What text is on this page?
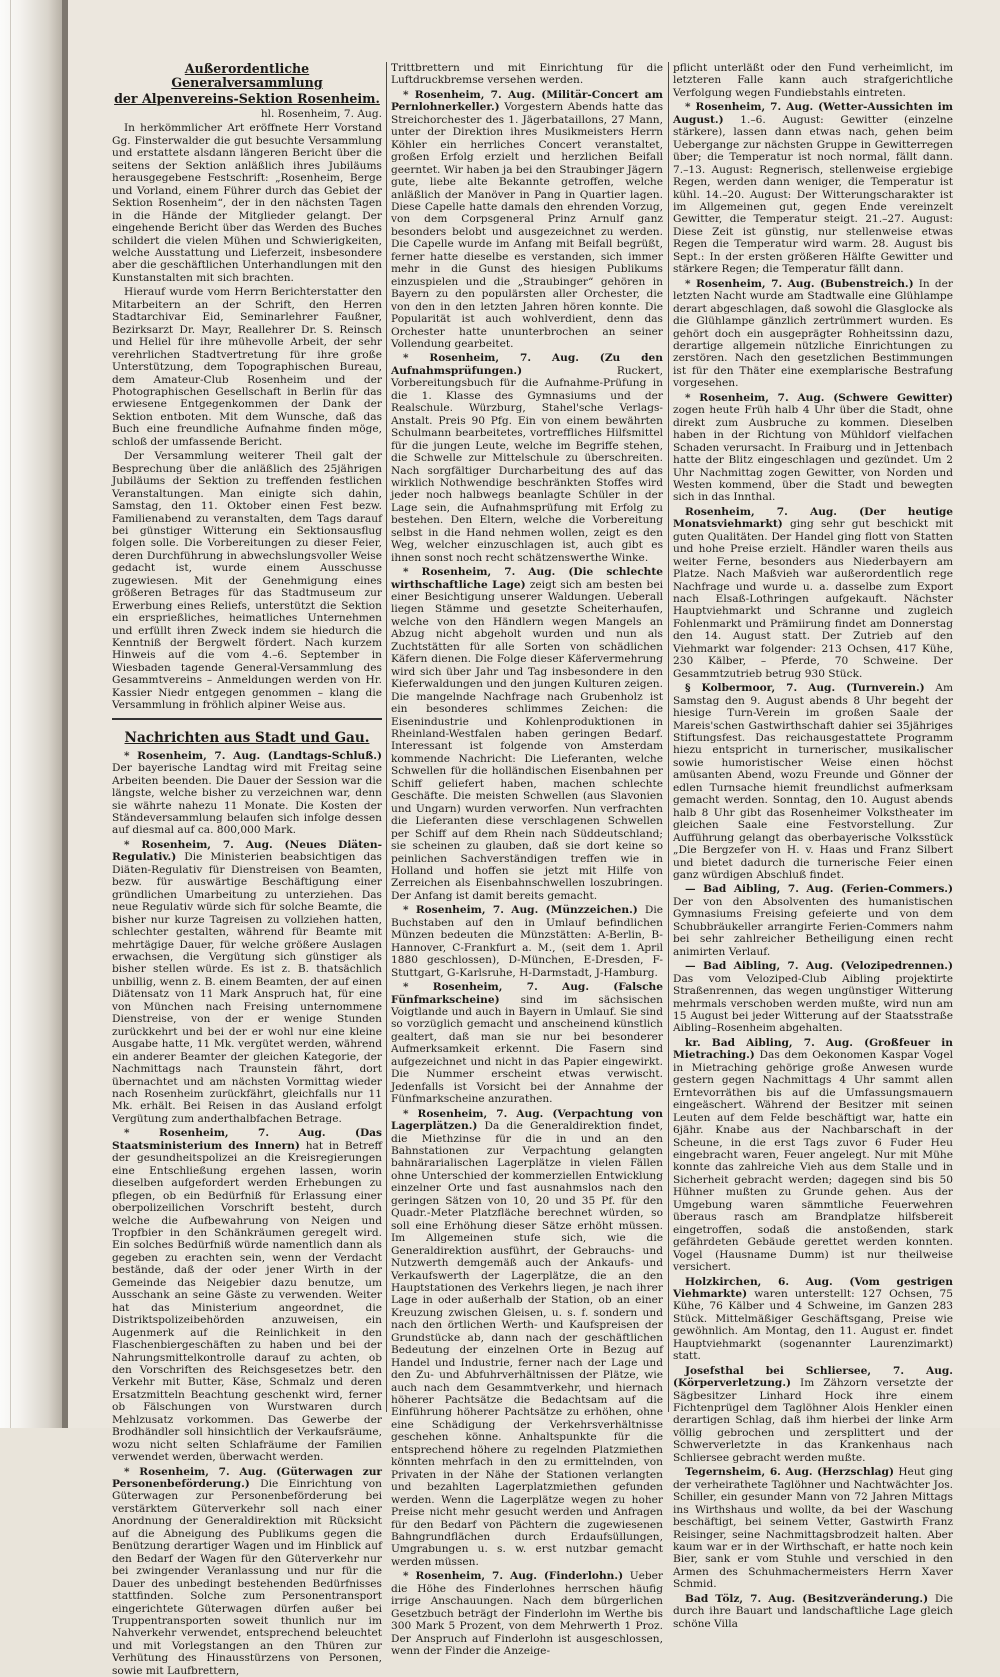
Außerordentliche Generalversammlung
der Alpenvereins-Sektion Rosenheim.
hl. Rosenheim, 7. Aug.

In herkömmlicher Art eröffnete Herr Vorstand Gg. Finsterwalder die gut besuchte Versammlung und erstattete alsdann längeren Bericht über die seitens der Sektion anläßlich ihres Jubiläums herausgegebene Festschrift: „Rosenheim, Berge und Vorland, einem Führer durch das Gebiet der Sektion Rosenheim“, der in den nächsten Tagen in die Hände der Mitglieder gelangt. Der eingehende Bericht über das Werden des Buches schildert die vielen Mühen und Schwierigkeiten, welche Ausstattung und Lieferzeit, insbesondere aber die geschäftlichen Unterhandlungen mit den Kunstanstalten mit sich brachten.

Hierauf wurde vom Herrn Berichterstatter den Mitarbeitern an der Schrift, den Herren Stadtarchivar Eid, Seminarlehrer Faußner, Bezirksarzt Dr. Mayr, Reallehrer Dr. S. Reinsch und Heliel für ihre mühevolle Arbeit, der sehr verehrlichen Stadtvertretung für ihre große Unterstützung, dem Topographischen Bureau, dem Amateur-Club Rosenheim und der Photographischen Gesellschaft in Berlin für das erwiesene Entgegenkommen der Dank der Sektion entboten. Mit dem Wunsche, daß das Buch eine freundliche Aufnahme finden möge, schloß der umfassende Bericht.

Der Versammlung weiterer Theil galt der Besprechung über die anläßlich des 25jährigen Jubiläums der Sektion zu treffenden festlichen Veranstaltungen. Man einigte sich dahin, Samstag, den 11. Oktober einen Fest bezw. Familienabend zu veranstalten, dem Tags darauf bei günstiger Witterung ein Sektionsausflug folgen solle. Die Vorbereitungen zu dieser Feier, deren Durchführung in abwechslungsvoller Weise gedacht ist, wurde einem Ausschusse zugewiesen. Mit der Genehmigung eines größeren Betrages für das Stadtmuseum zur Erwerbung eines Reliefs, unterstützt die Sektion ein ersprießliches, heimatliches Unternehmen und erfüllt ihren Zweck indem sie hiedurch die Kenntniß der Bergwelt fördert. Nach kurzem Hinweis auf die vom 4.–6. September in Wiesbaden tagende General-Versammlung des Gesammtvereins – Anmeldungen werden von Hr. Kassier Niedr entgegen genommen – klang die Versammlung in fröhlich alpiner Weise aus.

Nachrichten aus Stadt und Gau.

* Rosenheim, 7. Aug. (Landtags-Schluß.) Der bayerische Landtag wird mit Freitag seine Arbeiten beenden. Die Dauer der Session war die längste, welche bisher zu verzeichnen war, denn sie währte nahezu 11 Monate. Die Kosten der Ständeversammlung belaufen sich infolge dessen auf diesmal auf ca. 800,000 Mark.

* Rosenheim, 7. Aug. (Neues Diäten-Regulativ.) Die Ministerien beabsichtigen das Diäten-Regulativ für Dienstreisen von Beamten, bezw. für auswärtige Beschäftigung einer gründlichen Umarbeitung zu unterziehen. Das neue Regulativ würde sich für solche Beamte, die bisher nur kurze Tagreisen zu vollziehen hatten, schlechter gestalten, während für Beamte mit mehrtägige Dauer, für welche größere Auslagen erwachsen, die Vergütung sich günstiger als bisher stellen würde. Es ist z. B. thatsächlich unbillig, wenn z. B. einem Beamten, der auf einen Diätensatz von 11 Mark Anspruch hat, für eine von München nach Freising unternommene Dienstreise, von der er wenige Stunden zurückkehrt und bei der er wohl nur eine kleine Ausgabe hatte, 11 Mk. vergütet werden, während ein anderer Beamter der gleichen Kategorie, der Nachmittags nach Traunstein fährt, dort übernachtet und am nächsten Vormittag wieder nach Rosenheim zurückfährt, gleichfalls nur 11 Mk. erhält. Bei Reisen in das Ausland erfolgt Vergütung zum anderthalbfachen Betrage.

* Rosenheim, 7. Aug. (Das Staatsministerium des Innern) hat in Betreff der gesundheitspolizei an die Kreisregierungen eine Entschließung ergehen lassen, worin dieselben aufgefordert werden Erhebungen zu pflegen, ob ein Bedürfniß für Erlassung einer oberpolizeilichen Vorschrift besteht, durch welche die Aufbewahrung von Neigen und Tropfbier in den Schänkräumen geregelt wird. Ein solches Bedürfniß würde namentlich dann als gegeben zu erachten sein, wenn der Verdacht bestände, daß der oder jener Wirth in der Gemeinde das Neigebier dazu benutze, um Ausschank an seine Gäste zu verwenden. Weiter hat das Ministerium angeordnet, die Distriktspolizeibehörden anzuweisen, ein Augenmerk auf die Reinlichkeit in den Flaschenbiergeschäften zu haben und bei der Nahrungsmittelkontrolle darauf zu achten, ob den Vorschriften des Reichsgesetzes betr. den Verkehr mit Butter, Käse, Schmalz und deren Ersatzmitteln Beachtung geschenkt wird, ferner ob Fälschungen von Wurstwaren durch Mehlzusatz vorkommen. Das Gewerbe der Brodhändler soll hinsichtlich der Verkaufsräume, wozu nicht selten Schlafräume der Familien verwendet werden, überwacht werden.

* Rosenheim, 7. Aug. (Güterwagen zur Personenbeförderung.) Die Einrichtung von Güterwagen zur Personenbeförderung bei verstärktem Güterverkehr soll nach einer Anordnung der Generaldirektion mit Rücksicht auf die Abneigung des Publikums gegen die Benützung derartiger Wagen und im Hinblick auf den Bedarf der Wagen für den Güterverkehr nur bei zwingender Veranlassung und nur für die Dauer des unbedingt bestehenden Bedürfnisses stattfinden. Solche zum Personentransport eingerichtete Güterwagen dürfen außer bei Truppentransporten soweit thunlich nur im Nahverkehr verwendet, entsprechend beleuchtet und mit Vorlegstangen an den Thüren zur Verhütung des Hinausstürzens von Personen, sowie mit Laufbrettern,

Trittbrettern und mit Einrichtung für die Luftdruckbremse versehen werden.

* Rosenheim, 7. Aug. (Militär-Concert am Pernlohnerkeller.) Vorgestern Abends hatte das Streichorchester des 1. Jägerbataillons, 27 Mann, unter der Direktion ihres Musikmeisters Herrn Köhler ein herrliches Concert veranstaltet, großen Erfolg erzielt und herzlichen Beifall geerntet. Wir haben ja bei den Straubinger Jägern gute, liebe alte Bekannte getroffen, welche anläßlich der Manöver in Pang in Quartier lagen. Diese Capelle hatte damals den ehrenden Vorzug, von dem Corpsgeneral Prinz Arnulf ganz besonders belobt und ausgezeichnet zu werden. Die Capelle wurde im Anfang mit Beifall begrüßt, ferner hatte dieselbe es verstanden, sich immer mehr in die Gunst des hiesigen Publikums einzuspielen und die „Straubinger“ gehören in Bayern zu den populärsten aller Orchester, die von den in den letzten Jahren hören konnte. Die Popularität ist auch wohlverdient, denn das Orchester hatte ununterbrochen an seiner Vollendung gearbeitet.

* Rosenheim, 7. Aug. (Zu den Aufnahmsprüfungen.)	Ruckert, Vorbereitungsbuch für die Aufnahme-Prüfung in die 1. Klasse des Gymnasiums und der Realschule. Würzburg, Stahel'sche Verlags-Anstalt. Preis 90 Pfg. Ein von einem bewährten Schulmann bearbeitetes, vortreffliches Hilfsmittel für die jungen Leute, welche im Begriffe stehen, die Schwelle zur Mittelschule zu überschreiten. Nach sorgfältiger Durcharbeitung des auf das wirklich Nothwendige beschränkten Stoffes wird jeder noch halbwegs beanlagte Schüler in der Lage sein, die Aufnahmsprüfung mit Erfolg zu bestehen. Den Eltern, welche die Vorbereitung selbst in die Hand nehmen wollen, zeigt es den Weg, welcher einzuschlagen ist, auch gibt es ihnen sonst noch recht schätzenswerthe Winke.

* Rosenheim, 7. Aug. (Die schlechte wirthschaftliche Lage) zeigt sich am besten bei einer Besichtigung unserer Waldungen. Ueberall liegen Stämme und gesetzte Scheiterhaufen, welche von den Händlern wegen Mangels an Abzug nicht abgeholt wurden und nun als Zuchtstätten für alle Sorten von schädlichen Käfern dienen. Die Folge dieser Käfervermehrung wird sich über Jahr und Tag insbesondere in den Kieferwaldungen und den jungen Kulturen zeigen. Die mangelnde Nachfrage nach Grubenholz ist ein besonderes schlimmes Zeichen: die Eisenindustrie und Kohlenproduktionen in Rheinland-Westfalen haben geringen Bedarf. Interessant ist folgende von Amsterdam kommende Nachricht: Die Lieferanten, welche Schwellen für die holländischen Eisenbahnen per Schiff geliefert haben, machen schlechte Geschäfte. Die meisten Schwellen (aus Slavonien und Ungarn) wurden verworfen. Nun verfrachten die Lieferanten diese verschlagenen Schwellen per Schiff auf dem Rhein nach Süddeutschland; sie scheinen zu glauben, daß sie dort keine so peinlichen Sachverständigen treffen wie in Holland und hoffen sie jetzt mit Hilfe von Zerreichen als Eisenbahnschwellen loszubringen. Der Anfang ist damit bereits gemacht.

* Rosenheim, 7. Aug. (Münzzeichen.) Die Buchstaben auf den in Umlauf befindlichen Münzen bedeuten die Münzstätten: A-Berlin, B-Hannover, C-Frankfurt a. M., (seit dem 1. April 1880 geschlossen), D-München, E-Dresden, F-Stuttgart, G-Karlsruhe, H-Darmstadt, J-Hamburg.

* Rosenheim, 7. Aug. (Falsche Fünfmarkscheine) sind im sächsischen Voigtlande und auch in Bayern in Umlauf. Sie sind so vorzüglich gemacht und anscheinend künstlich gealtert, daß man sie nur bei besonderer Aufmerksamkeit erkennt. Die Fasern sind aufgezeichnet und nicht in das Papier eingewirkt. Die Nummer erscheint etwas verwischt. Jedenfalls ist Vorsicht bei der Annahme der Fünfmarkscheine anzurathen.

* Rosenheim, 7. Aug. (Verpachtung von Lagerplätzen.) Da die Generaldirektion findet, die Miethzinse für die in und an den Bahnstationen zur Verpachtung gelangten bahnärarialischen Lagerplätze in vielen Fällen ohne Unterschied der kommerziellen Entwicklung einzelner Orte und fast ausnahmslos nach den geringen Sätzen von 10, 20 und 35 Pf. für den Quadr.-Meter Platzfläche berechnet würden, so soll eine Erhöhung dieser Sätze erhöht müssen. Im Allgemeinen stufe sich, wie die Generaldirektion ausführt, der Gebrauchs- und Nutzwerth demgemäß auch der Ankaufs- und Verkaufswerth der Lagerplätze, die an den Hauptstationen des Verkehrs liegen, je nach ihrer Lage in oder außerhalb der Station, ob an einer Kreuzung zwischen Gleisen, u. s. f. sondern und nach den örtlichen Werth- und Kaufspreisen der Grundstücke ab, dann nach der geschäftlichen Bedeutung der einzelnen Orte in Bezug auf Handel und Industrie, ferner nach der Lage und den Zu- und Abfuhrverhältnissen der Plätze, wie auch nach dem Gesammtverkehr, und hiernach höherer Pachtsätze die Bedachtsam auf die Einführung höherer Pachtsätze zu erhöhen, ohne eine Schädigung der Verkehrsverhältnisse geschehen könne. Anhaltspunkte für die entsprechend höhere zu regelnden Platzmiethen könnten mehrfach in den zu ermittelnden, von Privaten in der Nähe der Stationen verlangten und bezahlten Lagerplatzmiethen gefunden werden. Wenn die Lagerplätze wegen zu hoher Preise nicht mehr gesucht werden und Anfragen für den Bedarf von Pächtern die zugewiesenen Bahngrundflächen durch Erdaufsüllungen, Umgrabungen u. s. w. erst nutzbar gemacht werden müssen.

* Rosenheim, 7. Aug. (Finderlohn.) Ueber die Höhe des Finderlohnes herrschen häufig irrige Anschauungen. Nach dem bürgerlichen Gesetzbuch beträgt der Finderlohn im Werthe bis 300 Mark 5 Prozent, von dem Mehrwerth 1 Proz. Der Anspruch auf Finderlohn ist ausgeschlossen, wenn der Finder die Anzeige-

pflicht unterläßt oder den Fund verheimlicht, im letzteren Falle kann auch strafgerichtliche Verfolgung wegen Fundiebstahls eintreten.

* Rosenheim, 7. Aug. (Wetter-Aussichten im August.) 1.–6. August: Gewitter (einzelne stärkere), lassen dann etwas nach, gehen beim Uebergange zur nächsten Gruppe in Gewitterregen über; die Temperatur ist noch normal, fällt dann. 7.–13. August: Regnerisch, stellenweise ergiebige Regen, werden dann weniger, die Temperatur ist kühl. 14.–20. August: Der Witterungscharakter ist im Allgemeinen gut, gegen Ende vereinzelt Gewitter, die Temperatur steigt. 21.–27. August: Diese Zeit ist günstig, nur stellenweise etwas Regen die Temperatur wird warm. 28. August bis Sept.: In der ersten größeren Hälfte Gewitter und stärkere Regen; die Temperatur fällt dann.

* Rosenheim, 7. Aug. (Bubenstreich.) In der letzten Nacht wurde am Stadtwalle eine Glühlampe derart abgeschlagen, daß sowohl die Glasglocke als die Glühlampe gänzlich zertrümmert wurden. Es gehört doch ein ausgeprägter Rohheitssinn dazu, derartige allgemein nützliche Einrichtungen zu zerstören. Nach den gesetzlichen Bestimmungen ist für den Thäter eine exemplarische Bestrafung vorgesehen.

* Rosenheim, 7. Aug. (Schwere Gewitter) zogen heute Früh halb 4 Uhr über die Stadt, ohne direkt zum Ausbruche zu kommen. Dieselben haben in der Richtung von Mühldorf vielfachen Schaden verursacht. In Fraiburg und in Jettenbach hatte der Blitz eingeschlagen und gezündet. Um 2 Uhr Nachmittag zogen Gewitter, von Norden und Westen kommend, über die Stadt und bewegten sich in das Innthal.

Rosenheim, 7. Aug. (Der heutige Monatsviehmarkt) ging sehr gut beschickt mit guten Qualitäten. Der Handel ging flott von Statten und hohe Preise erzielt. Händler waren theils aus weiter Ferne, besonders aus Niederbayern am Platze. Nach Maßvieh war außerordentlich rege Nachfrage und wurde u. a. dasselbe zum Export nach Elsaß-Lothringen aufgekauft. Nächster Hauptviehmarkt und Schranne und zugleich Fohlenmarkt und Prämiirung findet am Donnerstag den 14. August statt. Der Zutrieb auf den Viehmarkt war folgender: 213 Ochsen, 417 Kühe, 230 Kälber, – Pferde, 70 Schweine. Der Gesammtzutrieb betrug 930 Stück.

§ Kolbermoor, 7. Aug. (Turnverein.) Am Samstag den 9. August abends 8 Uhr begeht der hiesige Turn-Verein im großen Saale der Mareis'schen Gastwirthschaft dahier sei 35jähriges Stiftungsfest. Das reichausgestattete Programm hiezu entspricht in turnerischer, musikalischer sowie humoristischer Weise einen höchst amüsanten Abend, wozu Freunde und Gönner der edlen Turnsache hiemit freundlichst aufmerksam gemacht werden. Sonntag, den 10. August abends halb 8 Uhr gibt das Rosenheimer Volkstheater im gleichen Saale eine Festvorstellung. Zur Aufführung gelangt das oberbayerische Volksstück „Die Bergzefer von H. v. Haas und Franz Silbert und bietet dadurch die turnerische Feier einen ganz würdigen Abschluß findet.

— Bad Aibling, 7. Aug. (Ferien-Commers.) Der von den Absolventen des humanistischen Gymnasiums Freising gefeierte und von dem Schubbräukeller arrangirte Ferien-Commers nahm bei sehr zahlreicher Betheiligung einen recht animirten Verlauf.

— Bad Aibling, 7. Aug. (Velozipedrennen.) Das vom Veloziped-Club Aibling projektirte Straßenrennen, das wegen ungünstiger Witterung mehrmals verschoben werden mußte, wird nun am 15 August bei jeder Witterung auf der Staatsstraße Aibling–Rosenheim abgehalten.

kr. Bad Aibling, 7. Aug. (Großfeuer in Mietraching.) Das dem Oekonomen Kaspar Vogel in Mietraching gehörige große Anwesen wurde gestern gegen Nachmittags 4 Uhr sammt allen Erntevorräthen bis auf die Umfassungsmauern eingeäschert. Während der Besitzer mit seinen Leuten auf dem Felde beschäftigt war, hatte ein 6jähr. Knabe aus der Nachbarschaft in der Scheune, in die erst Tags zuvor 6 Fuder Heu eingebracht waren, Feuer angelegt. Nur mit Mühe konnte das zahlreiche Vieh aus dem Stalle und in Sicherheit gebracht werden; dagegen sind bis 50 Hühner mußten zu Grunde gehen. Aus der Umgebung waren sämmtliche Feuerwehren überaus rasch am Brandplatze hilfsbereit eingetroffen, sodaß die anstoßenden, stark gefährdeten Gebäude gerettet werden konnten. Vogel (Hausname Dumm) ist nur theilweise versichert.

Holzkirchen, 6. Aug. (Vom gestrigen Viehmarkte) waren unterstellt: 127 Ochsen, 75 Kühe, 76 Kälber und 4 Schweine, im Ganzen 283 Stück. Mittelmäßiger Geschäftsgang, Preise wie gewöhnlich. Am Montag, den 11. August er. findet Hauptviehmarkt (sogenannter Laurenzimarkt) statt.

Josefsthal bei Schliersee, 7. Aug. (Körperverletzung.) Im Zähzorn versetzte der Sägbesitzer Linhard Hock ihre einem Fichtenprügel dem Taglöhner Alois Henkler einen derartigen Schlag, daß ihm hierbei der linke Arm völlig gebrochen und zersplittert und der Schwerverletzte in das Krankenhaus nach Schliersee gebracht werden mußte.

Tegernsheim, 6. Aug. (Herzschlag) Heut ging der verheirathete Taglöhner und Nachtwächter Jos. Schiller, ein gesunder Mann von 72 Jahren Mittags ins Wirthshaus und wollte, da bei der Waschung beschäftigt, bei seinem Vetter, Gastwirth Franz Reisinger, seine Nachmittagsbrodzeit halten. Aber kaum war er in der Wirthschaft, er hatte noch kein Bier, sank er vom Stuhle und verschied in den Armen des Schuhmachermeisters Herrn Xaver Schmid.

Bad Tölz, 7. Aug. (Besitzveränderung.) Die durch ihre Bauart und landschaftliche Lage gleich schöne Villa
